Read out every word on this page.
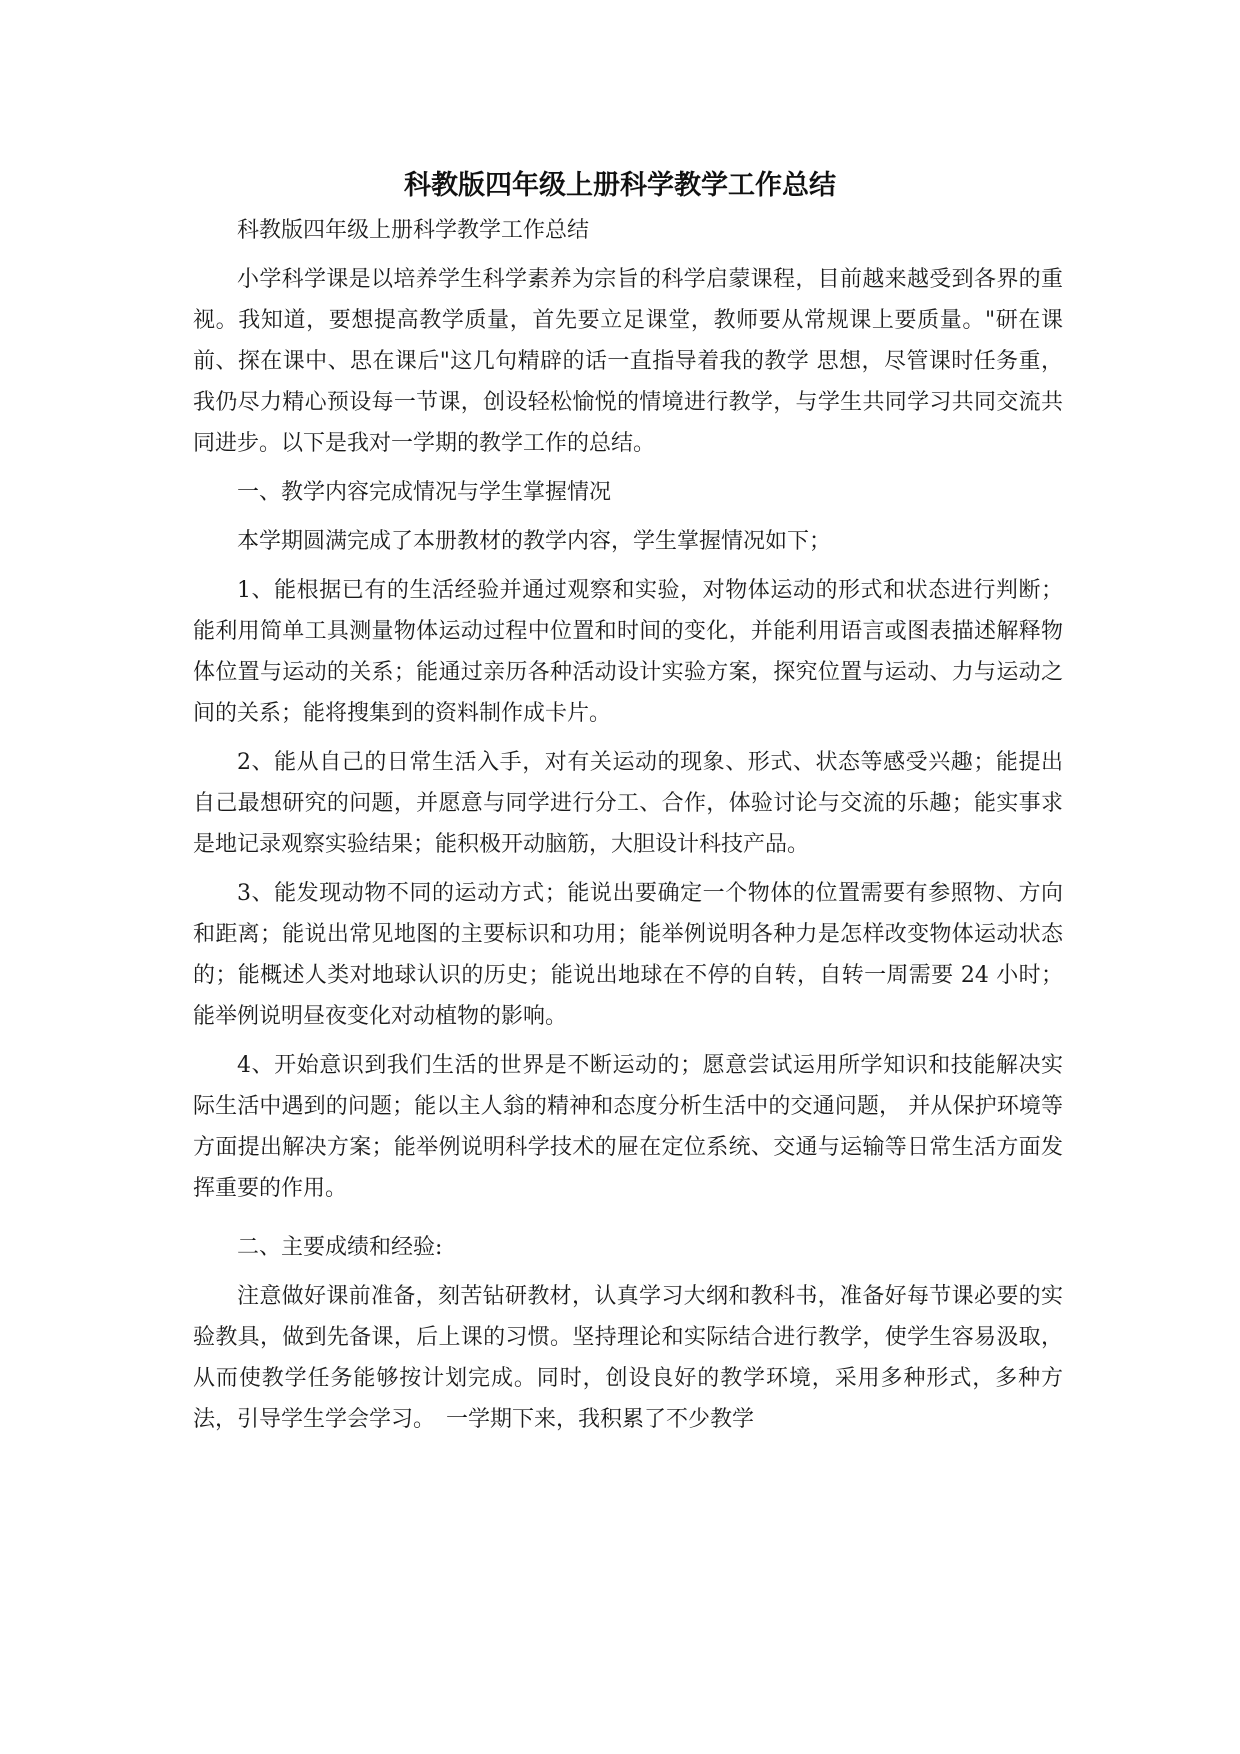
科教版四年级上册科学教学工作总结

科教版四年级上册科学教学工作总结

小学科学课是以培养学生科学素养为宗旨的科学启蒙课程，目前越来越受到各界的重视。我知道，要想提高教学质量，首先要立足课堂，教师要从常规课上要质量。"研在课前、探在课中、思在课后"这几句精辟的话一直指导着我的教学 思想，尽管课时任务重，我仍尽力精心预设每一节课，创设轻松愉悦的情境进行教学，与学生共同学习共同交流共同进步。以下是我对一学期的教学工作的总结。

一、教学内容完成情况与学生掌握情况

本学期圆满完成了本册教材的教学内容，学生掌握情况如下；

1、能根据已有的生活经验并通过观察和实验，对物体运动的形式和状态进行判断；能利用简单工具测量物体运动过程中位置和时间的变化，并能利用语言或图表描述解释物体位置与运动的关系；能通过亲历各种活动设计实验方案，探究位置与运动、力与运动之间的关系；能将搜集到的资料制作成卡片。

2、能从自己的日常生活入手，对有关运动的现象、形式、状态等感受兴趣；能提出自己最想研究的问题，并愿意与同学进行分工、合作，体验讨论与交流的乐趣；能实事求是地记录观察实验结果；能积极开动脑筋，大胆设计科技产品。

3、能发现动物不同的运动方式；能说出要确定一个物体的位置需要有参照物、方向和距离；能说出常见地图的主要标识和功用；能举例说明各种力是怎样改变物体运动状态的；能概述人类对地球认识的历史；能说出地球在不停的自转，自转一周需要 24 小时；能举例说明昼夜变化对动植物的影响。

4、开始意识到我们生活的世界是不断运动的；愿意尝试运用所学知识和技能解决实际生活中遇到的问题；能以主人翁的精神和态度分析生活中的交通问题， 并从保护环境等方面提出解决方案；能举例说明科学技术的屉在定位系统、交通与运输等日常生活方面发挥重要的作用。

二、主要成绩和经验:

注意做好课前准备，刻苦钻研教材，认真学习大纲和教科书，准备好每节课必要的实验教具，做到先备课，后上课的习惯。坚持理论和实际结合进行教学，使学生容易汲取，从而使教学任务能够按计划完成。同时，创设良好的教学环境，采用多种形式，多种方法，引导学生学会学习。　一学期下来，我积累了不少教学
